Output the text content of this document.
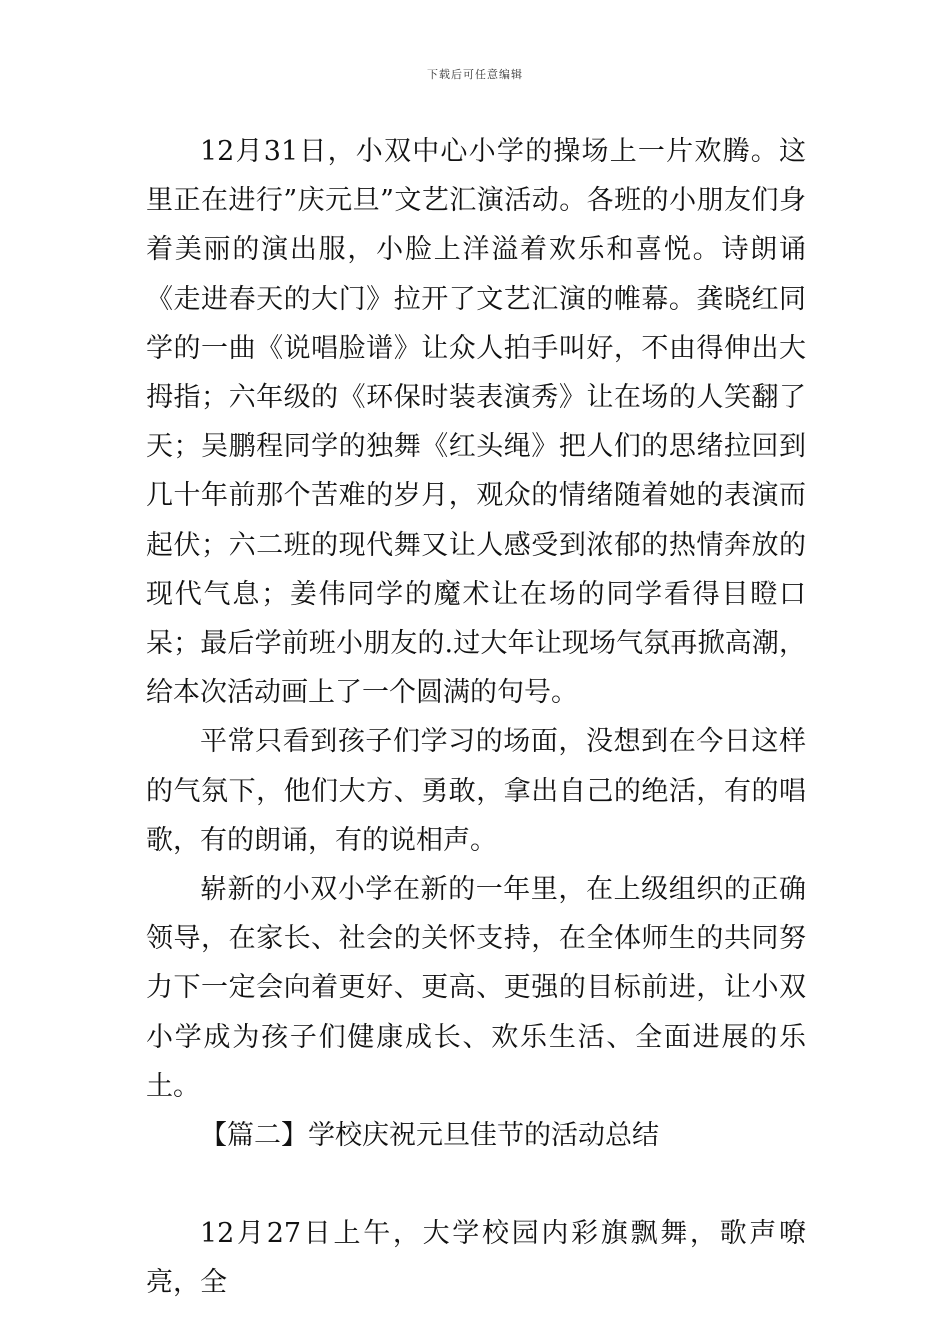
下载后可任意编辑

12月31日，小双中心小学的操场上一片欢腾。这里正在进行”庆元旦”文艺汇演活动。各班的小朋友们身着美丽的演出服，小脸上洋溢着欢乐和喜悦。诗朗诵《走进春天的大门》拉开了文艺汇演的帷幕。龚晓红同学的一曲《说唱脸谱》让众人拍手叫好，不由得伸出大拇指；六年级的《环保时装表演秀》让在场的人笑翻了天；吴鹏程同学的独舞《红头绳》把人们的思绪拉回到几十年前那个苦难的岁月，观众的情绪随着她的表演而起伏；六二班的现代舞又让人感受到浓郁的热情奔放的现代气息；姜伟同学的魔术让在场的同学看得目瞪口呆；最后学前班小朋友的.过大年让现场气氛再掀高潮，给本次活动画上了一个圆满的句号。

平常只看到孩子们学习的场面，没想到在今日这样的气氛下，他们大方、勇敢，拿出自己的绝活，有的唱歌，有的朗诵，有的说相声。

崭新的小双小学在新的一年里，在上级组织的正确领导，在家长、社会的关怀支持，在全体师生的共同努力下一定会向着更好、更高、更强的目标前进，让小双小学成为孩子们健康成长、欢乐生活、全面进展的乐土。

【篇二】学校庆祝元旦佳节的活动总结

12月27日上午，大学校园内彩旗飘舞，歌声嘹亮，全
